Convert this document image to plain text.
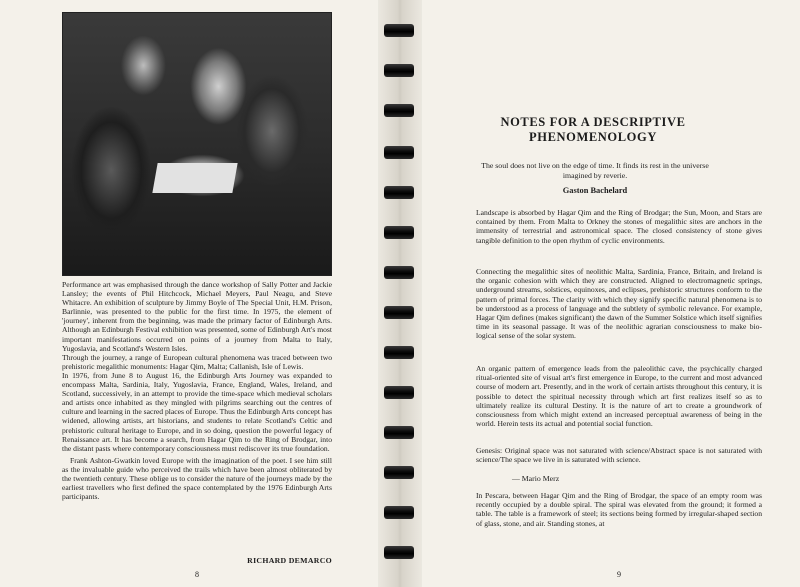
Performance art was emphasised through the dance workshop of Sally Potter and Jackie Lansley; the events of Phil Hitchcock, Michael Meyers, Paul Neagu, and Steve Whitacre. An exhibition of sculpture by Jimmy Boyle of The Special Unit, H.M. Prison, Barlinnie, was presented to the public for the first time. In 1975, the element of 'journey', inherent from the beginning, was made the primary factor of Edinburgh Arts. Although an Edinburgh Festival exhibition was presented, some of Edinburgh Art's most important manifestations occurred on points of a journey from Malta to Italy, Yugoslavia, and Scotland's Western Isles.

Through the journey, a range of European cultural phenomena was traced between two prehistoric megalithic monuments: Hagar Qim, Malta; Callanish, Isle of Lewis.

In 1976, from June 8 to August 16, the Edinburgh Arts Journey was expanded to encompass Malta, Sardinia, Italy, Yugoslavia, France, England, Wales, Ireland, and Scotland, successively, in an attempt to provide the time-space which medieval scholars and artists once inhabited as they mingled with pilgrims searching out the centres of culture and learning in the sacred places of Europe. Thus the Edinburgh Arts concept has widened, allowing artists, art historians, and students to relate Scotland's Celtic and prehistoric cultural heritage to Europe, and in so doing, question the powerful legacy of Renaissance art. It has become a search, from Hagar Qim to the Ring of Brodgar, into the distant pasts where contemporary consciousness must rediscover its true foundation.

Frank Ashton-Gwatkin loved Europe with the imagination of the poet. I see him still as the invaluable guide who perceived the trails which have been almost obliterated by the twentieth century. These oblige us to consider the nature of the journeys made by the earliest travellers who first defined the space contemplated by the 1976 Edinburgh Arts participants.

RICHARD DEMARCO
8
NOTES FOR A DESCRIPTIVE
PHENOMENOLOGY
The soul does not live on the edge of time. It finds its rest in the universe imagined by reverie.
Gaston Bachelard

Landscape is absorbed by Hagar Qim and the Ring of Brodgar; the Sun, Moon, and Stars are contained by them. From Malta to Orkney the stones of megalithic sites are anchors in the immensity of terrestrial and astronomical space. The closed consistency of stone gives tangible definition to the open rhythm of cyclic environments.

Connecting the megalithic sites of neolithic Malta, Sardinia, France, Britain, and Ireland is the organic cohesion with which they are constructed. Aligned to electromagnetic springs, underground streams, solstices, equinoxes, and eclipses, prehistoric structures conform to the pattern of primal forces. The clarity with which they signify specific natural phenomena is to be understood as a process of language and the subtlety of symbolic relevance. For example, Hagar Qim defines (makes significant) the dawn of the Summer Solstice which itself signifies time in its seasonal passage. It was of the neolithic agrarian consciousness to make bio-logical sense of the solar system.

An organic pattern of emergence leads from the paleolithic cave, the psychically charged ritual-oriented site of visual art's first emergence in Europe, to the current and most advanced course of modern art. Presently, and in the work of certain artists throughout this century, it is possible to detect the spiritual necessity through which art first realizes itself so as to ultimately realize its cultural Destiny. It is the nature of art to create a groundwork of consciousness from which might extend an increased perceptual awareness of being in the world. Herein tests its actual and potential social function.

Genesis: Original space was not saturated with science/Abstract space is not saturated with science/The space we live in is saturated with science.

— Mario Merz

In Pescara, between Hagar Qim and the Ring of Brodgar, the space of an empty room was recently occupied by a double spiral. The spiral was elevated from the ground; it formed a table. The table is a framework of steel; its sections being formed by irregular-shaped section of glass, stone, and air. Standing stones, at

9
